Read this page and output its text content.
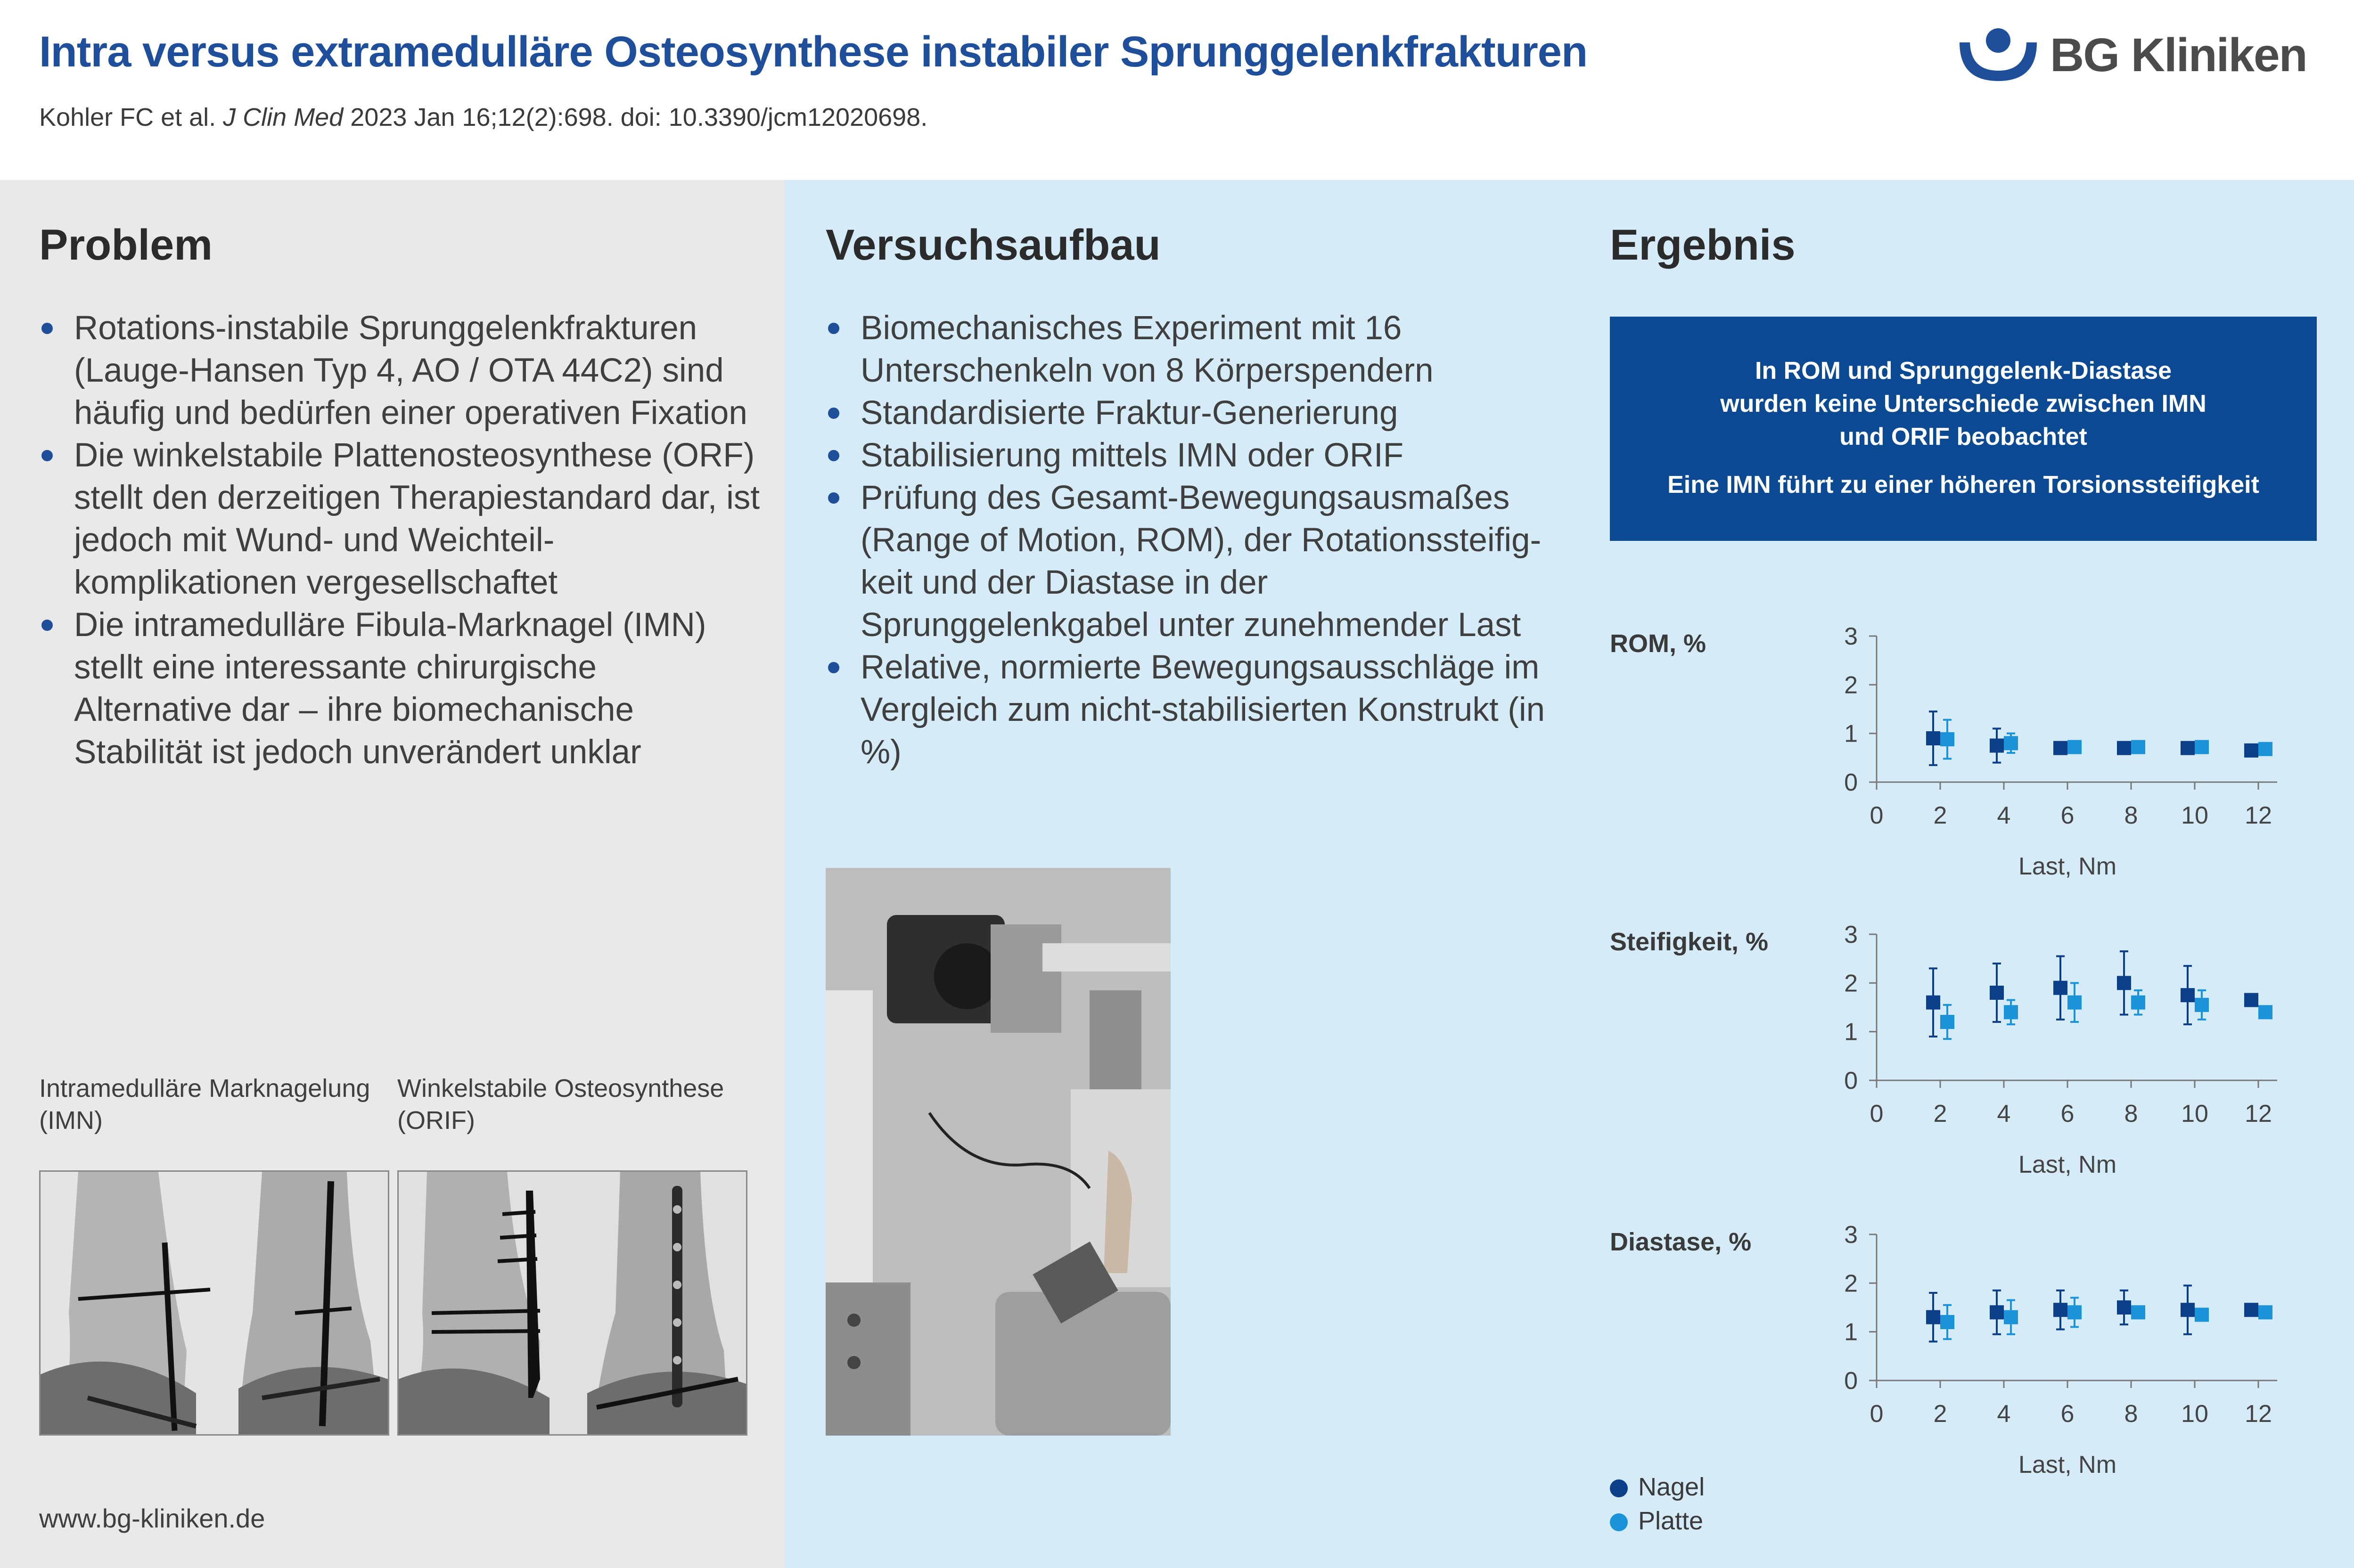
Intra versus extramedulläre Osteosynthese instabiler Sprunggelenkfrakturen
Kohler FC et al. J Clin Med 2023 Jan 16;12(2):698. doi: 10.3390/jcm12020698.
BG Kliniken
Problem
Rotations-instabile Sprunggelenkfrakturen (Lauge-Hansen Typ 4, AO / OTA 44C2) sind häufig und bedürfen einer operativen Fixation
Die winkelstabile Plattenosteosynthese (ORF) stellt den derzeitigen Therapiestandard dar, ist jedoch mit Wund- und Weichteil-komplikationen vergesellschaftet
Die intramedulläre Fibula-Marknagel (IMN) stellt eine interessante chirurgische Alternative dar – ihre biomechanische Stabilität ist jedoch unverändert unklar
Intramedulläre Marknagelung (IMN)
Winkelstabile Osteosynthese (ORIF)
www.bg-kliniken.de
Versuchsaufbau
Biomechanisches Experiment mit 16 Unterschenkeln von 8 Körperspendern
Standardisierte Fraktur-Generierung
Stabilisierung mittels IMN oder ORIF
Prüfung des Gesamt-Bewegungsausmaßes (Range of Motion, ROM), der Rotationssteifig-keit und der Diastase in der Sprunggelenkgabel unter zunehmender Last
Relative, normierte Bewegungsausschläge im Vergleich zum nicht-stabilisierten Konstrukt (in %)
Ergebnis
In ROM und Sprunggelenk-Diastase
wurden keine Unterschiede zwischen IMN
und ORIF beobachtet
Eine IMN führt zu einer höheren Torsionssteifigkeit
ROM, %
0
1
2
3
0 2 4 6 8 10 12
Last, Nm
Steifigkeit, %
0
1
2
3
0 2 4 6 8 10 12
Last, Nm
Diastase, %
0
1
2
3
0 2 4 6 8 10 12
Last, Nm
Nagel
Platte
